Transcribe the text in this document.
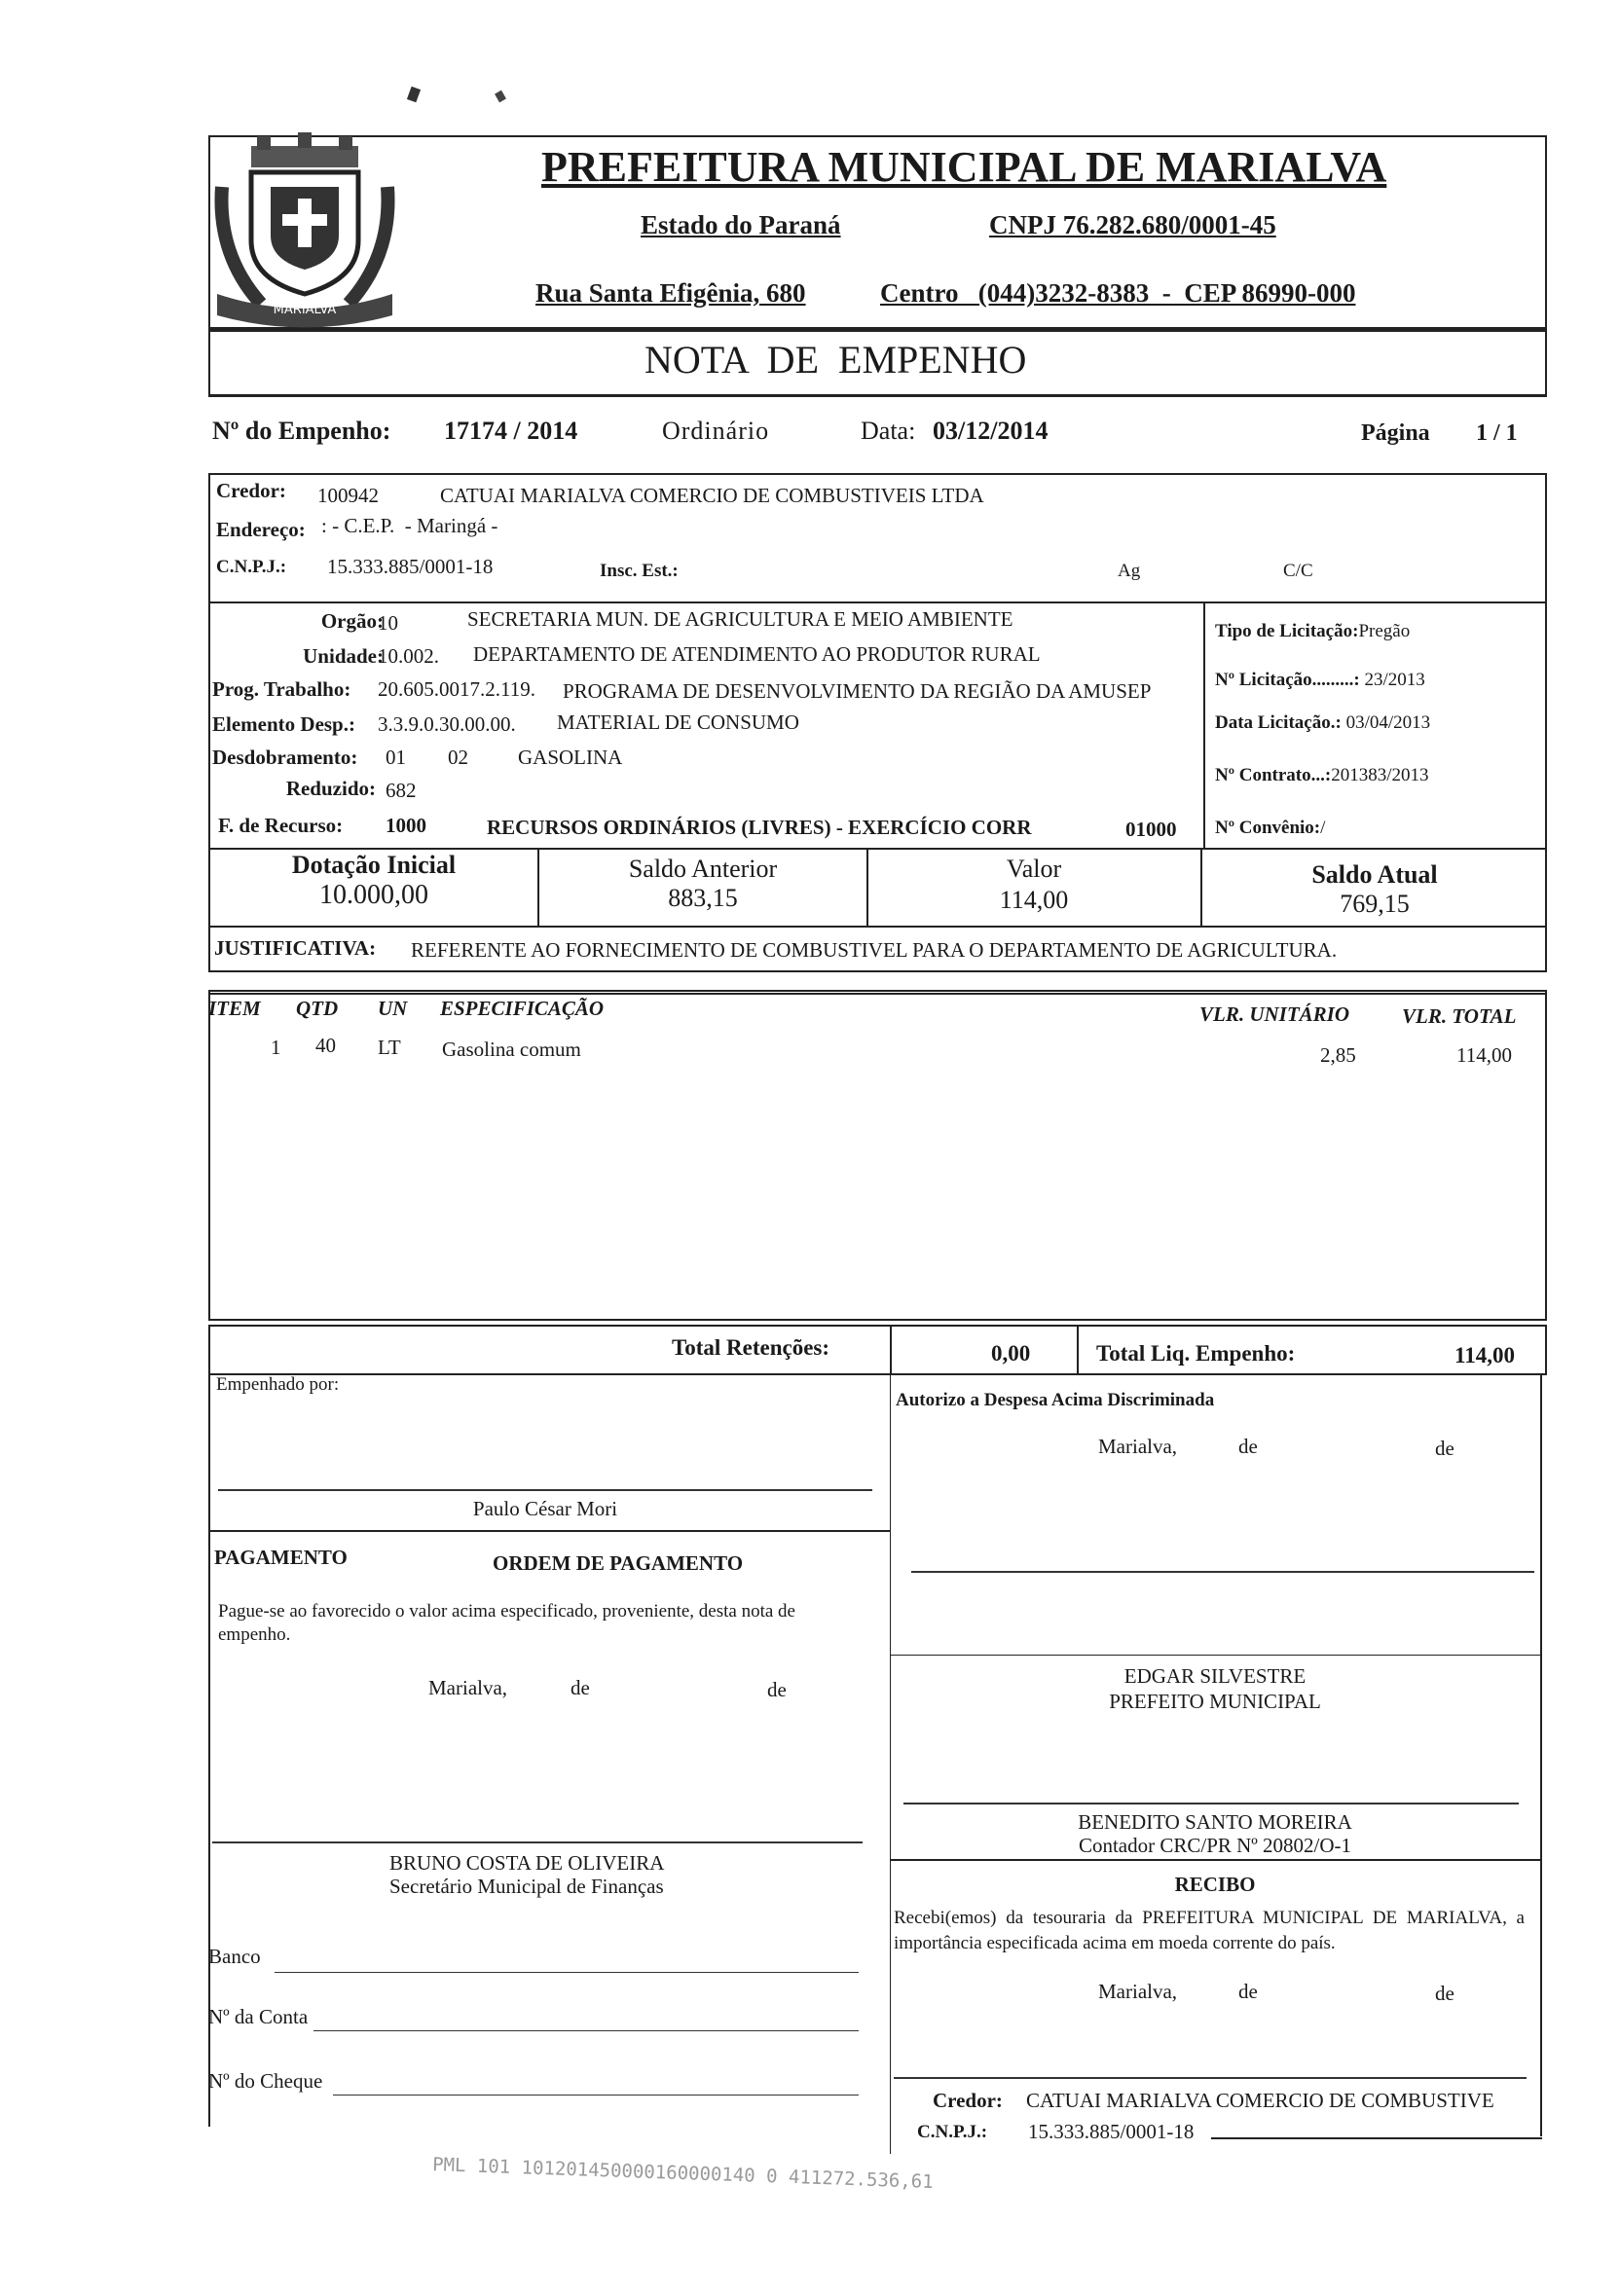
MARIALVA
PREFEITURA MUNICIPAL DE MARIALVA
Estado do Paraná	CNPJ 76.282.680/0001-45
Rua Santa Efigênia, 680	Centro   (044)3232-8383  -  CEP 86990-000
NOTA  DE  EMPENHO
Nº do Empenho: 17174 / 2014	Ordinário	Data: 03/12/2014	Página 1 / 1
Credor: 100942	CATUAI MARIALVA COMERCIO DE COMBUSTIVEIS LTDA
Endereço: : - C.E.P.  - Maringá -
C.N.P.J.: 15.333.885/0001-18	Insc. Est.:	Ag	C/C
Orgão:
10	SECRETARIA MUN. DE AGRICULTURA E MEIO AMBIENTE
Unidade:
10.002. DEPARTAMENTO DE ATENDIMENTO AO PRODUTOR RURAL
Prog. Trabalho: 20.605.0017.2.119. PROGRAMA DE DESENVOLVIMENTO DA REGIÃO DA AMUSEP
Elemento Desp.: 3.3.9.0.30.00.00. MATERIAL DE CONSUMO
Desdobramento: 01 02 GASOLINA
Reduzido: 682
F. de Recurso: 1000	RECURSOS ORDINÁRIOS (LIVRES) - EXERCÍCIO CORR	01000
Tipo de Licitação:Pregão
Nº Licitação.........: 23/2013
Data Licitação.: 03/04/2013
Nº Contrato...:201383/2013
Nº Convênio:/
Dotação Inicial
10.000,00
Saldo Anterior
883,15
Valor
114,00
Saldo Atual
769,15
JUSTIFICATIVA: REFERENTE AO FORNECIMENTO DE COMBUSTIVEL PARA O DEPARTAMENTO DE AGRICULTURA.
ITEM QTD UN ESPECIFICAÇÃO	VLR. UNITÁRIO	VLR. TOTAL
1 40 LT Gasolina comum	2,85	114,00
Total Retenções:	0,00	Total Liq. Empenho:	114,00
Empenhado por:
Paulo César Mori
Autorizo a Despesa Acima Discriminada
Marialva,	de	de
PAGAMENTO	ORDEM DE PAGAMENTO
Pague-se ao favorecido o valor acima especificado, proveniente, desta nota de empenho.
Marialva,	de	de
BRUNO COSTA DE OLIVEIRA
Secretário Municipal de Finanças
Banco
Nº da Conta
Nº do Cheque
EDGAR SILVESTRE
PREFEITO MUNICIPAL
BENEDITO SANTO MOREIRA
Contador CRC/PR Nº 20802/O-1
RECIBO
Recebi(emos) da tesouraria da PREFEITURA MUNICIPAL DE MARIALVA, a importância especificada acima em moeda corrente do país.
Marialva,	de	de
Credor: CATUAI MARIALVA COMERCIO DE COMBUSTIVE
C.N.P.J.: 15.333.885/0001-18
PML 101 101201450000160000140 0 411272.536,61
